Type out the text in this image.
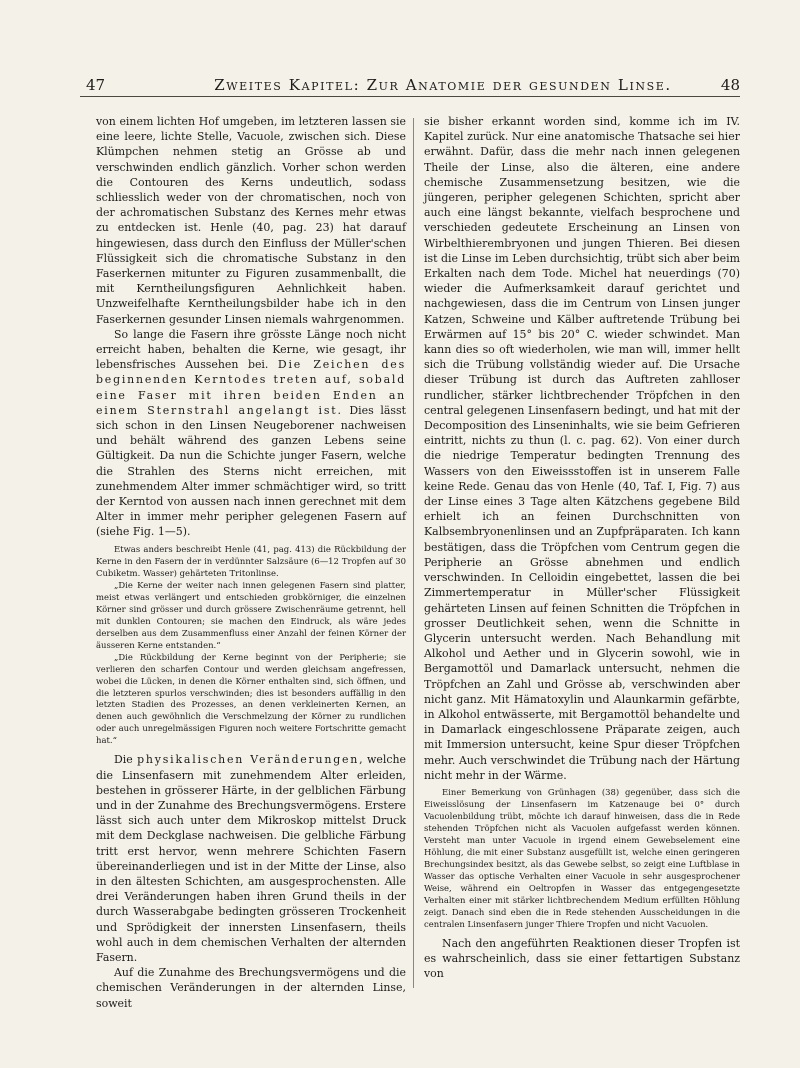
47	Zweites Kapitel: Zur Anatomie der gesunden Linse.	48

von einem lichten Hof umgeben, im letzteren lassen sie eine leere, lichte Stelle, Vacuole, zwischen sich. Diese Klümpchen nehmen stetig an Grösse ab und verschwinden endlich gänzlich. Vorher schon werden die Contouren des Kerns undeutlich, sodass schliesslich weder von der chromatischen, noch von der achromatischen Substanz des Kernes mehr etwas zu entdecken ist. Henle (40, pag. 23) hat darauf hingewiesen, dass durch den Einfluss der Müller'schen Flüssigkeit sich die chromatische Substanz in den Faserkernen mitunter zu Figuren zusammenballt, die mit Kerntheilungsfiguren Aehnlichkeit haben. Unzweifelhafte Kerntheilungsbilder habe ich in den Faserkernen gesunder Linsen niemals wahrgenommen.

So lange die Fasern ihre grösste Länge noch nicht erreicht haben, behalten die Kerne, wie gesagt, ihr lebensfrisches Aussehen bei. Die Zeichen des beginnenden Kerntodes treten auf, sobald eine Faser mit ihren beiden Enden an einem Sternstrahl angelangt ist. Dies lässt sich schon in den Linsen Neugeborener nachweisen und behält während des ganzen Lebens seine Gültigkeit. Da nun die Schichte junger Fasern, welche die Strahlen des Sterns nicht erreichen, mit zunehmendem Alter immer schmächtiger wird, so tritt der Kerntod von aussen nach innen gerechnet mit dem Alter in immer mehr peripher gelegenen Fasern auf (siehe Fig. 1—5).

Etwas anders beschreibt Henle (41, pag. 413) die Rückbildung der Kerne in den Fasern der in verdünnter Salzsäure (6—12 Tropfen auf 30 Cubiketm. Wasser) gehärteten Tritonlinse.

„Die Kerne der weiter nach innen gelegenen Fasern sind platter, meist etwas verlängert und entschieden grobkörniger, die einzelnen Körner sind grösser und durch grössere Zwischenräume getrennt, hell mit dunklen Contouren; sie machen den Eindruck, als wäre jedes derselben aus dem Zusammenfluss einer Anzahl der feinen Körner der äusseren Kerne entstanden.“

„Die Rückbildung der Kerne beginnt von der Peripherie; sie verlieren den scharfen Contour und werden gleichsam angefressen, wobei die Lücken, in denen die Körner enthalten sind, sich öffnen, und die letzteren spurlos verschwinden; dies ist besonders auffällig in den letzten Stadien des Prozesses, an denen verkleinerten Kernen, an denen auch gewöhnlich die Verschmelzung der Körner zu rundlichen oder auch unregelmässigen Figuren noch weitere Fortschritte gemacht hat.“

Die physikalischen Veränderungen, welche die Linsenfasern mit zunehmendem Alter erleiden, bestehen in grösserer Härte, in der gelblichen Färbung und in der Zunahme des Brechungsvermögens. Erstere lässt sich auch unter dem Mikroskop mittelst Druck mit dem Deckglase nachweisen. Die gelbliche Färbung tritt erst hervor, wenn mehrere Schichten Fasern übereinanderliegen und ist in der Mitte der Linse, also in den ältesten Schichten, am ausgesprochensten. Alle drei Veränderungen haben ihren Grund theils in der durch Wasserabgabe bedingten grösseren Trockenheit und Sprödigkeit der innersten Linsenfasern, theils wohl auch in dem chemischen Verhalten der alternden Fasern.

Auf die Zunahme des Brechungsvermögens und die chemischen Veränderungen in der alternden Linse, soweit

sie bisher erkannt worden sind, komme ich im IV. Kapitel zurück. Nur eine anatomische Thatsache sei hier erwähnt. Dafür, dass die mehr nach innen gelegenen Theile der Linse, also die älteren, eine andere chemische Zusammensetzung besitzen, wie die jüngeren, peripher gelegenen Schichten, spricht aber auch eine längst bekannte, vielfach besprochene und verschieden gedeutete Erscheinung an Linsen von Wirbelthierembryonen und jungen Thieren. Bei diesen ist die Linse im Leben durchsichtig, trübt sich aber beim Erkalten nach dem Tode. Michel hat neuerdings (70) wieder die Aufmerksamkeit darauf gerichtet und nachgewiesen, dass die im Centrum von Linsen junger Katzen, Schweine und Kälber auftretende Trübung bei Erwärmen auf 15° bis 20° C. wieder schwindet. Man kann dies so oft wiederholen, wie man will, immer hellt sich die Trübung vollständig wieder auf. Die Ursache dieser Trübung ist durch das Auftreten zahlloser rundlicher, stärker lichtbrechender Tröpfchen in den central gelegenen Linsenfasern bedingt, und hat mit der Decomposition des Linseninhalts, wie sie beim Gefrieren eintritt, nichts zu thun (l. c. pag. 62). Von einer durch die niedrige Temperatur bedingten Trennung des Wassers von den Eiweissstoffen ist in unserem Falle keine Rede. Genau das von Henle (40, Taf. I, Fig. 7) aus der Linse eines 3 Tage alten Kätzchens gegebene Bild erhielt ich an feinen Durchschnitten von Kalbsembryonenlinsen und an Zupfpräparaten. Ich kann bestätigen, dass die Tröpfchen vom Centrum gegen die Peripherie an Grösse abnehmen und endlich verschwinden. In Celloidin eingebettet, lassen die bei Zimmertemperatur in Müller'scher Flüssigkeit gehärteten Linsen auf feinen Schnitten die Tröpfchen in grosser Deutlichkeit sehen, wenn die Schnitte in Glycerin untersucht werden. Nach Behandlung mit Alkohol und Aether und in Glycerin sowohl, wie in Bergamottöl und Damarlack untersucht, nehmen die Tröpfchen an Zahl und Grösse ab, verschwinden aber nicht ganz. Mit Hämatoxylin und Alaunkarmin gefärbte, in Alkohol entwässerte, mit Bergamottöl behandelte und in Damarlack eingeschlossene Präparate zeigen, auch mit Immersion untersucht, keine Spur dieser Tröpfchen mehr. Auch verschwindet die Trübung nach der Härtung nicht mehr in der Wärme.

Einer Bemerkung von Grünhagen (38) gegenüber, dass sich die Eiweisslösung der Linsenfasern im Katzenauge bei 0° durch Vacuolenbildung trübt, möchte ich darauf hinweisen, dass die in Rede stehenden Tröpfchen nicht als Vacuolen aufgefasst werden können. Versteht man unter Vacuole in irgend einem Gewebselement eine Höhlung, die mit einer Substanz ausgefüllt ist, welche einen geringeren Brechungsindex besitzt, als das Gewebe selbst, so zeigt eine Luftblase in Wasser das optische Verhalten einer Vacuole in sehr ausgesprochener Weise, während ein Oeltropfen in Wasser das entgegengesetzte Verhalten einer mit stärker lichtbrechendem Medium erfüllten Höhlung zeigt. Danach sind eben die in Rede stehenden Ausscheidungen in die centralen Linsenfasern junger Thiere Tropfen und nicht Vacuolen.

Nach den angeführten Reaktionen dieser Tropfen ist es wahrscheinlich, dass sie einer fettartigen Substanz von
